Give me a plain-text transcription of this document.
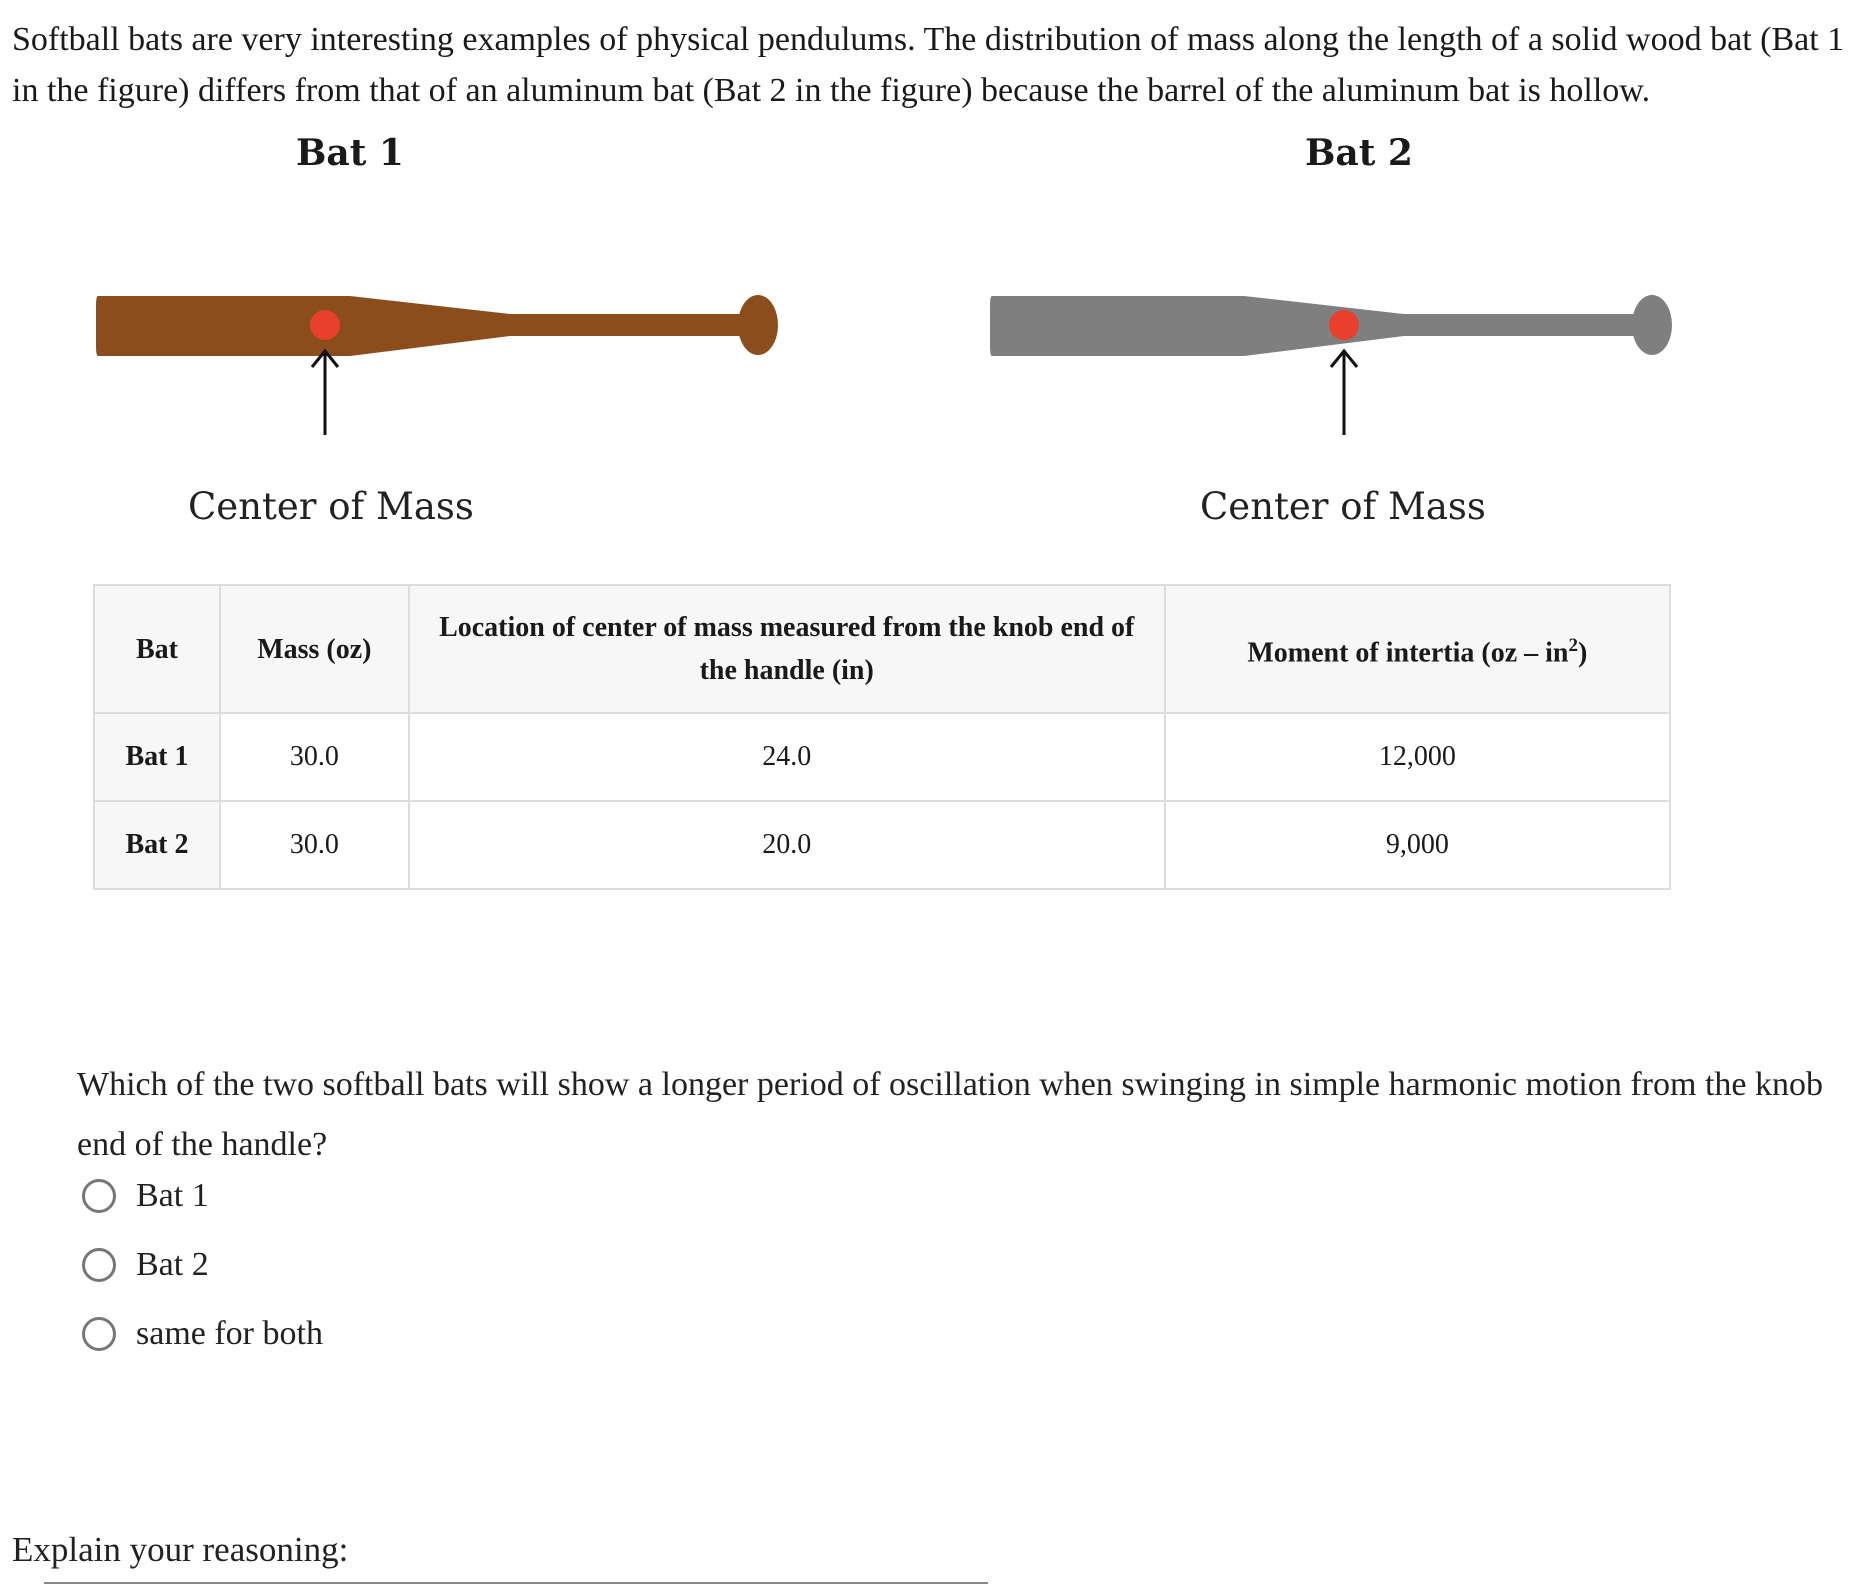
Softball bats are very interesting examples of physical pendulums. The distribution of mass along the length of a solid wood bat (Bat 1 in the figure) differs from that of an aluminum bat (Bat 2 in the figure) because the barrel of the aluminum bat is hollow.

Bat 1	Bat 2
Center of Mass	Center of Mass
Bat	Mass (oz)	Location of center of mass measured from the knob end of the handle (in)	Moment of intertia $(oz - in^2)$
Bat 1	30.0	24.0	12,000
Bat 2	30.0	20.0	9,000

Which of the two softball bats will show a longer period of oscillation when swinging in simple harmonic motion from the knob end of the handle?

Bat 1
Bat 2
same for both
Explain your reasoning:
